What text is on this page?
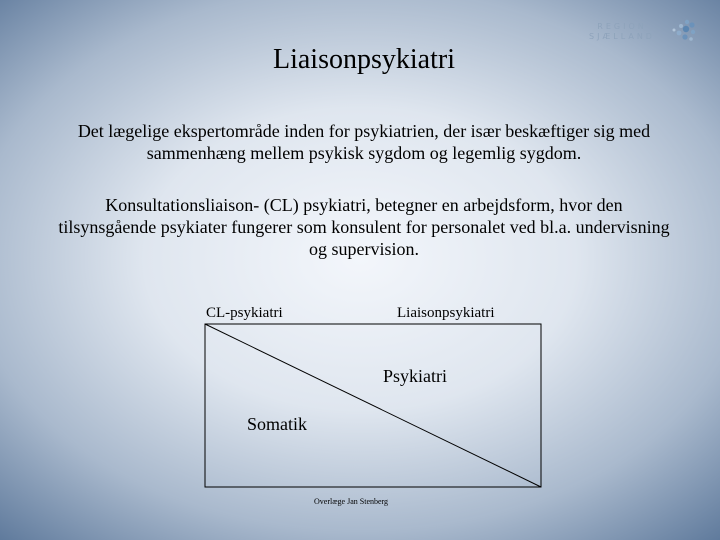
REGION
SJÆLLAND
Liaisonpsykiatri
Det lægelige ekspertområde inden for psykiatrien, der især beskæftiger sig med sammenhæng mellem psykisk sygdom og legemlig sygdom.
Konsultationsliaison- (CL) psykiatri, betegner en arbejdsform, hvor den tilsynsgående psykiater fungerer som konsulent for personalet ved bl.a. undervisning og supervision.
CL-psykiatri	Liaisonpsykiatri
Psykiatri
Somatik
Overlæge Jan Stenberg
